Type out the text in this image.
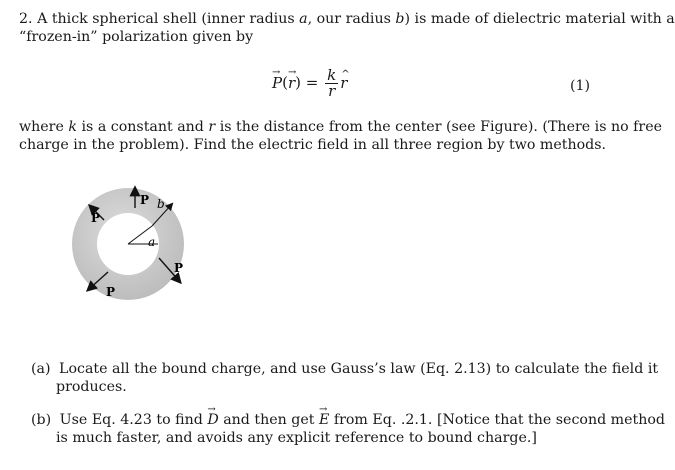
2. A thick spherical shell (inner radius a, our radius b) is made of dielectric material with a
“frozen-in” polarization given by
→ $P(\to r) = \frac{k}{r}$
^ r	(1)
where k is a constant and r is the distance from the center (see Figure). (There is no free
charge in the problem). Find the electric field in all three region by two methods.
P
P
P
P
a
b
(a) Locate all the bound charge, and use Gauss’s law (Eq. 2.13) to calculate the field it
produces.
(b) Use Eq. 4.23 to find → D and then get → E from Eq. .2.1. [Notice that the second method
is much faster, and avoids any explicit reference to bound charge.]
